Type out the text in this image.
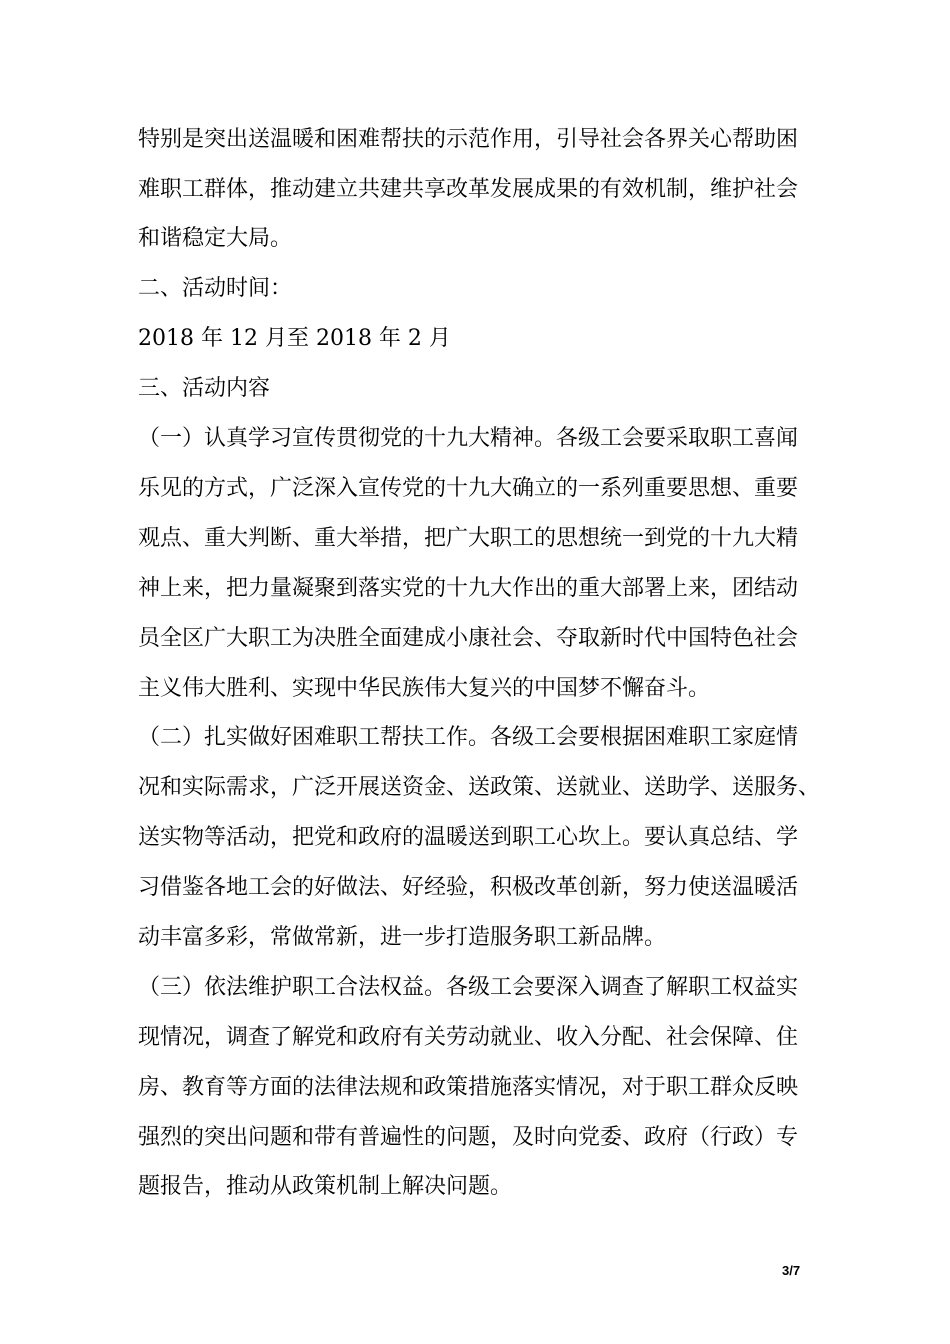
特别是突出送温暖和困难帮扶的示范作用，引导社会各界关心帮助困
难职工群体，推动建立共建共享改革发展成果的有效机制，维护社会
和谐稳定大局。
二、活动时间：
2018 年 12 月至 2018 年 2 月
三、活动内容
（一）认真学习宣传贯彻党的十九大精神。各级工会要采取职工喜闻
乐见的方式，广泛深入宣传党的十九大确立的一系列重要思想、重要
观点、重大判断、重大举措，把广大职工的思想统一到党的十九大精
神上来，把力量凝聚到落实党的十九大作出的重大部署上来，团结动
员全区广大职工为决胜全面建成小康社会、夺取新时代中国特色社会
主义伟大胜利、实现中华民族伟大复兴的中国梦不懈奋斗。
（二）扎实做好困难职工帮扶工作。各级工会要根据困难职工家庭情
况和实际需求，广泛开展送资金、送政策、送就业、送助学、送服务、
送实物等活动，把党和政府的温暖送到职工心坎上。要认真总结、学
习借鉴各地工会的好做法、好经验，积极改革创新，努力使送温暖活
动丰富多彩，常做常新，进一步打造服务职工新品牌。
（三）依法维护职工合法权益。各级工会要深入调查了解职工权益实
现情况，调查了解党和政府有关劳动就业、收入分配、社会保障、住
房、教育等方面的法律法规和政策措施落实情况，对于职工群众反映
强烈的突出问题和带有普遍性的问题，及时向党委、政府（行政）专
题报告，推动从政策机制上解决问题。
3/7
